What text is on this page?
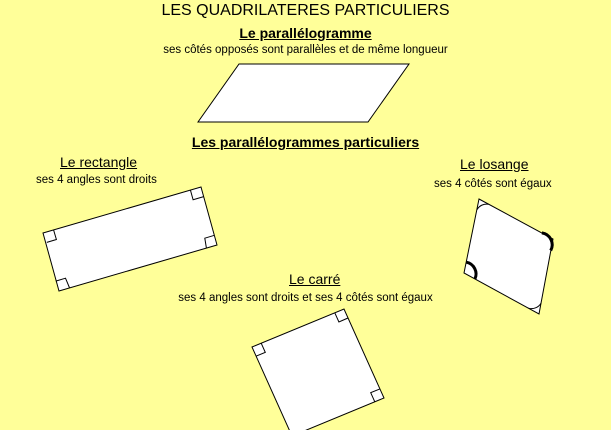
LES QUADRILATERES PARTICULIERS
Le parallélogramme
ses côtés opposés sont parallèles et de même longueur
Les parallélogrammes particuliers
Le rectangle
ses 4 angles sont droits
Le losange
ses 4 côtés sont égaux
Le carré
ses 4 angles sont droits et ses 4 côtés sont égaux
